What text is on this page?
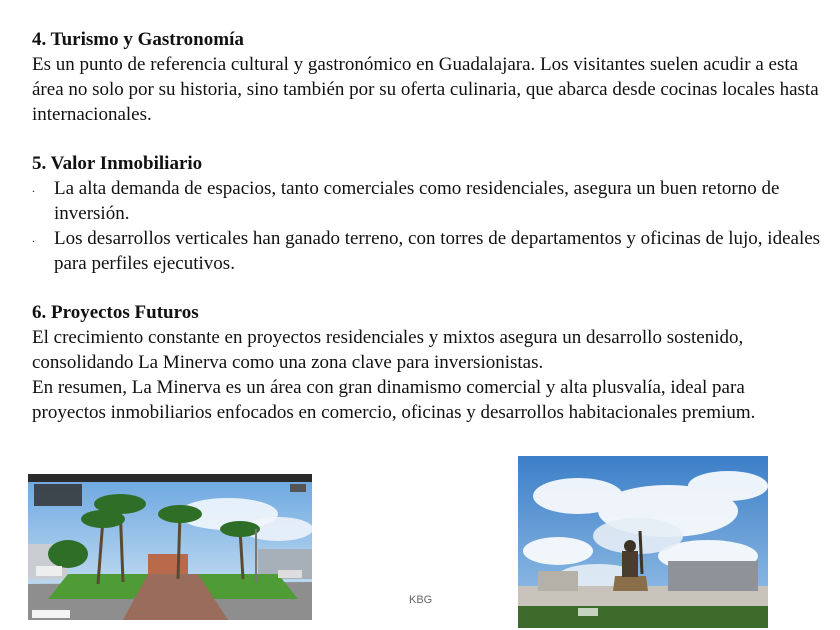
4. Turismo y Gastronomía

Es un punto de referencia cultural y gastronómico en Guadalajara. Los visitantes suelen acudir a esta área no solo por su historia, sino también por su oferta culinaria, que abarca desde cocinas locales hasta internacionales.

5. Valor Inmobiliario
. La alta demanda de espacios, tanto comerciales como residenciales, asegura un buen retorno de inversión.
. Los desarrollos verticales han ganado terreno, con torres de departamentos y oficinas de lujo, ideales para perfiles ejecutivos.
6. Proyectos Futuros

El crecimiento constante en proyectos residenciales y mixtos asegura un desarrollo sostenido, consolidando La Minerva como una zona clave para inversionistas.

En resumen, La Minerva es un área con gran dinamismo comercial y alta plusvalía, ideal para proyectos inmobiliarios enfocados en comercio, oficinas y desarrollos habitacionales premium.

KBG
